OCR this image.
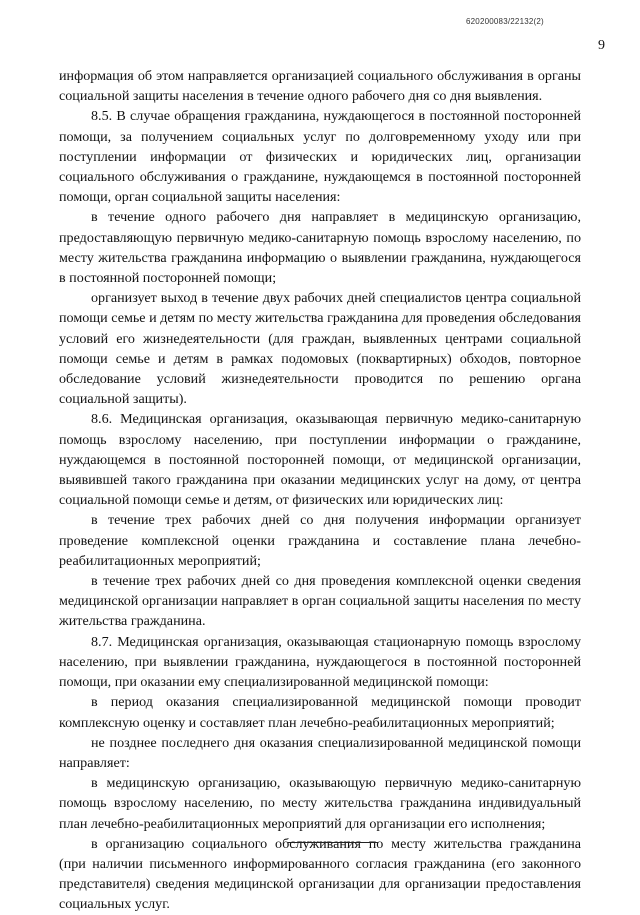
620200083/22132(2)
9

информация об этом направляется организацией социального обслуживания в органы социальной защиты населения в течение одного рабочего дня со дня выявления.

8.5. В случае обращения гражданина, нуждающегося в постоянной посторонней помощи, за получением социальных услуг по долговременному уходу или при поступлении информации от физических и юридических лиц, организации социального обслуживания о гражданине, нуждающемся в постоянной посторонней помощи, орган социальной защиты населения:

в течение одного рабочего дня направляет в медицинскую организацию, предоставляющую первичную медико-санитарную помощь взрослому населению, по месту жительства гражданина информацию о выявлении гражданина, нуждающегося в постоянной посторонней помощи;

организует выход в течение двух рабочих дней специалистов центра социальной помощи семье и детям по месту жительства гражданина для проведения обследования условий его жизнедеятельности (для граждан, выявленных центрами социальной помощи семье и детям в рамках подомовых (поквартирных) обходов, повторное обследование условий жизнедеятельности проводится по решению органа социальной защиты).

8.6. Медицинская организация, оказывающая первичную медико-санитарную помощь взрослому населению, при поступлении информации о гражданине, нуждающемся в постоянной посторонней помощи, от медицинской организации, выявившей такого гражданина при оказании медицинских услуг на дому, от центра социальной помощи семье и детям, от физических или юридических лиц:

в течение трех рабочих дней со дня получения информации организует проведение комплексной оценки гражданина и составление плана лечебно-реабилитационных мероприятий;

в течение трех рабочих дней со дня проведения комплексной оценки сведения медицинской организации направляет в орган социальной защиты населения по месту жительства гражданина.

8.7. Медицинская организация, оказывающая стационарную помощь взрослому населению, при выявлении гражданина, нуждающегося в постоянной посторонней помощи, при оказании ему специализированной медицинской помощи:

в период оказания специализированной медицинской помощи проводит комплексную оценку и составляет план лечебно-реабилитационных мероприятий;

не позднее последнего дня оказания специализированной медицинской помощи направляет:

в медицинскую организацию, оказывающую первичную медико-санитарную помощь взрослому населению, по месту жительства гражданина индивидуальный план лечебно-реабилитационных мероприятий для организации его исполнения;

в организацию социального обслуживания по месту жительства гражданина (при наличии письменного информированного согласия гражданина (его законного представителя) сведения медицинской организации для организации предоставления социальных услуг.
